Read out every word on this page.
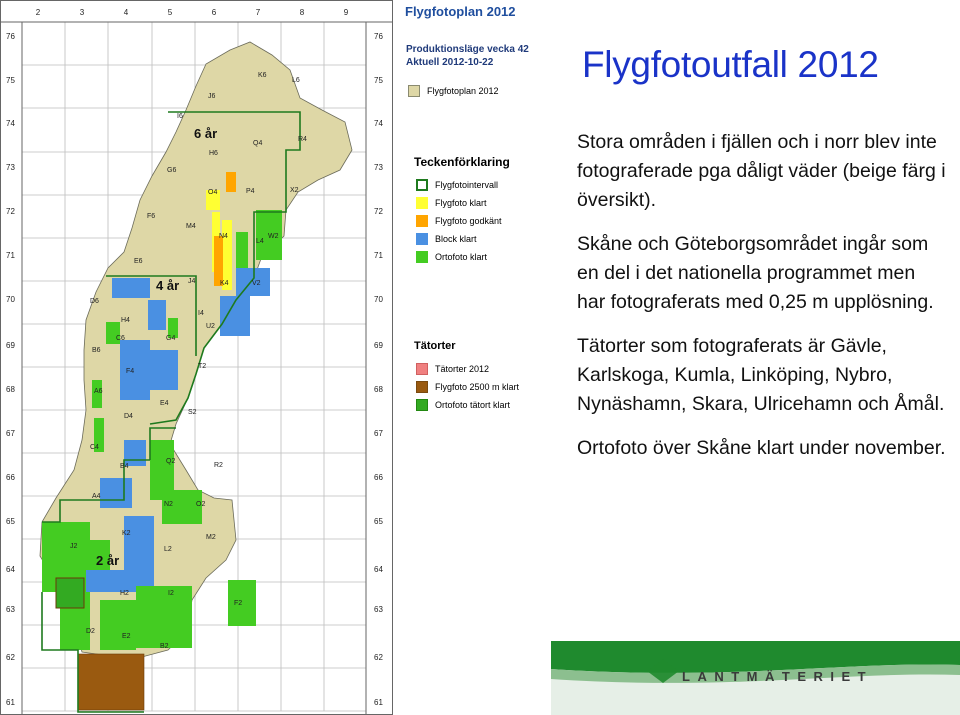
K6
L6
J6
I6
R4
Q4
H6
G6
O4	P4	X2
F6
M4
N4
L4
W2
E6
J4	K4	V2
D6
H4
I4
U2
C6	G4
B6
F4
T2
A6
D4
E4
S2
C4
Q2
R2
B4
A4
N2	O2
K2
M2
J2	L2
H2	I2
F2
D2
E2
B2
6 år
4 år
2 år
2	3	4	5	6	7	8	9
76	76
75	75
74	74
73	73
72	72
71	71
70	70
69	69
68	68
67	67
66	66
65	65
64	64
63	63
62	62
61	61
Flygfotoplan 2012
Produktionsläge vecka 42
Aktuell 2012-10-22
Flygfotoplan 2012
Teckenförklaring
Flygfotointervall
Flygfoto klart
Flygfoto godkänt
Block klart
Ortofoto klart
Tätorter
Tätorter 2012
Flygfoto 2500 m klart
Ortofoto tätort klart
Flygfotoutfall 2012

Stora områden i fjällen och i norr blev inte fotograferade pga dåligt väder (beige färg i översikt).

Skåne och Göteborgsområdet ingår som en del i det nationella programmet men har fotograferats med 0,25 m upplösning.

Tätorter som fotograferats är Gävle, Karlskoga, Kumla, Linköping, Nybro, Nynäshamn, Skara, Ulricehamn och Åmål.

Ortofoto över Skåne klart under november.

LANTMÄTERIET
